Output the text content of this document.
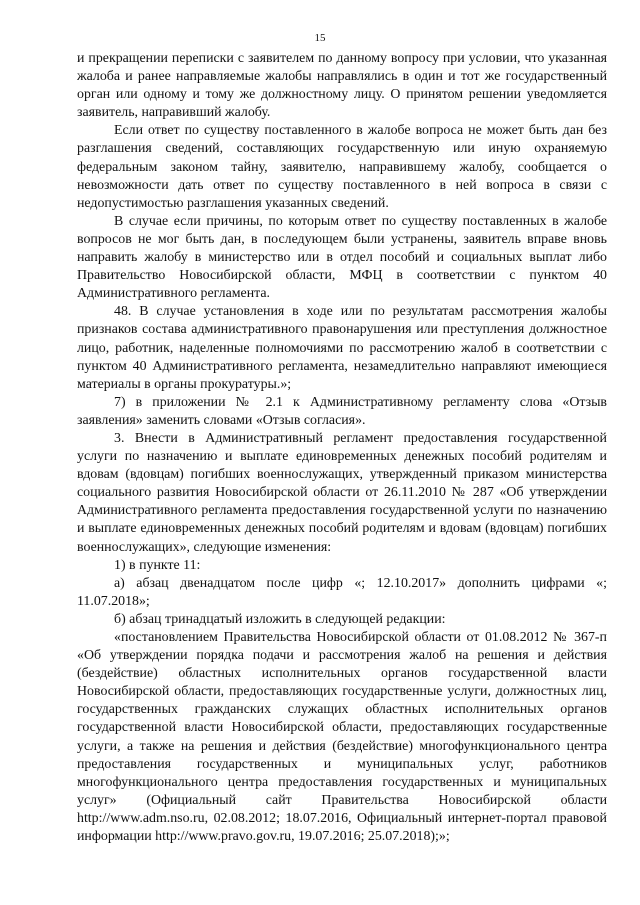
15

и прекращении переписки с заявителем по данному вопросу при условии, что указанная жалоба и ранее направляемые жалобы направлялись в один и тот же государственный орган или одному и тому же должностному лицу. О принятом решении уведомляется заявитель, направивший жалобу.

Если ответ по существу поставленного в жалобе вопроса не может быть дан без разглашения сведений, составляющих государственную или иную охраняемую федеральным законом тайну, заявителю, направившему жалобу, сообщается о невозможности дать ответ по существу поставленного в ней вопроса в связи с недопустимостью разглашения указанных сведений.

В случае если причины, по которым ответ по существу поставленных в жалобе вопросов не мог быть дан, в последующем были устранены, заявитель вправе вновь направить жалобу в министерство или в отдел пособий и социальных выплат либо Правительство Новосибирской области, МФЦ в соответствии с пунктом 40 Административного регламента.

48. В случае установления в ходе или по результатам рассмотрения жалобы признаков состава административного правонарушения или преступления должностное лицо, работник, наделенные полномочиями по рассмотрению жалоб в соответствии с пунктом 40 Административного регламента, незамедлительно направляют имеющиеся материалы в органы прокуратуры.»;

7) в приложении № 2.1 к Административному регламенту слова «Отзыв заявления» заменить словами «Отзыв согласия».

3. Внести в Административный регламент предоставления государственной услуги по назначению и выплате единовременных денежных пособий родителям и вдовам (вдовцам) погибших военнослужащих, утвержденный приказом министерства социального развития Новосибирской области от 26.11.2010 № 287 «Об утверждении Административного регламента предоставления государственной услуги по назначению и выплате единовременных денежных пособий родителям и вдовам (вдовцам) погибших военнослужащих», следующие изменения:

1) в пункте 11:

а) абзац двенадцатом после цифр «; 12.10.2017» дополнить цифрами «; 11.07.2018»;

б) абзац тринадцатый изложить в следующей редакции:

«постановлением Правительства Новосибирской области от 01.08.2012 № 367-п «Об утверждении порядка подачи и рассмотрения жалоб на решения и действия (бездействие) областных исполнительных органов государственной власти Новосибирской области, предоставляющих государственные услуги, должностных лиц, государственных гражданских служащих областных исполнительных органов государственной власти Новосибирской области, предоставляющих государственные услуги, а также на решения и действия (бездействие) многофункционального центра предоставления государственных и муниципальных услуг, работников многофункционального центра предоставления государственных и муниципальных услуг» (Официальный сайт Правительства Новосибирской области http://www.adm.nso.ru, 02.08.2012; 18.07.2016, Официальный интернет-портал правовой информации http://www.pravo.gov.ru, 19.07.2016; 25.07.2018);»;
